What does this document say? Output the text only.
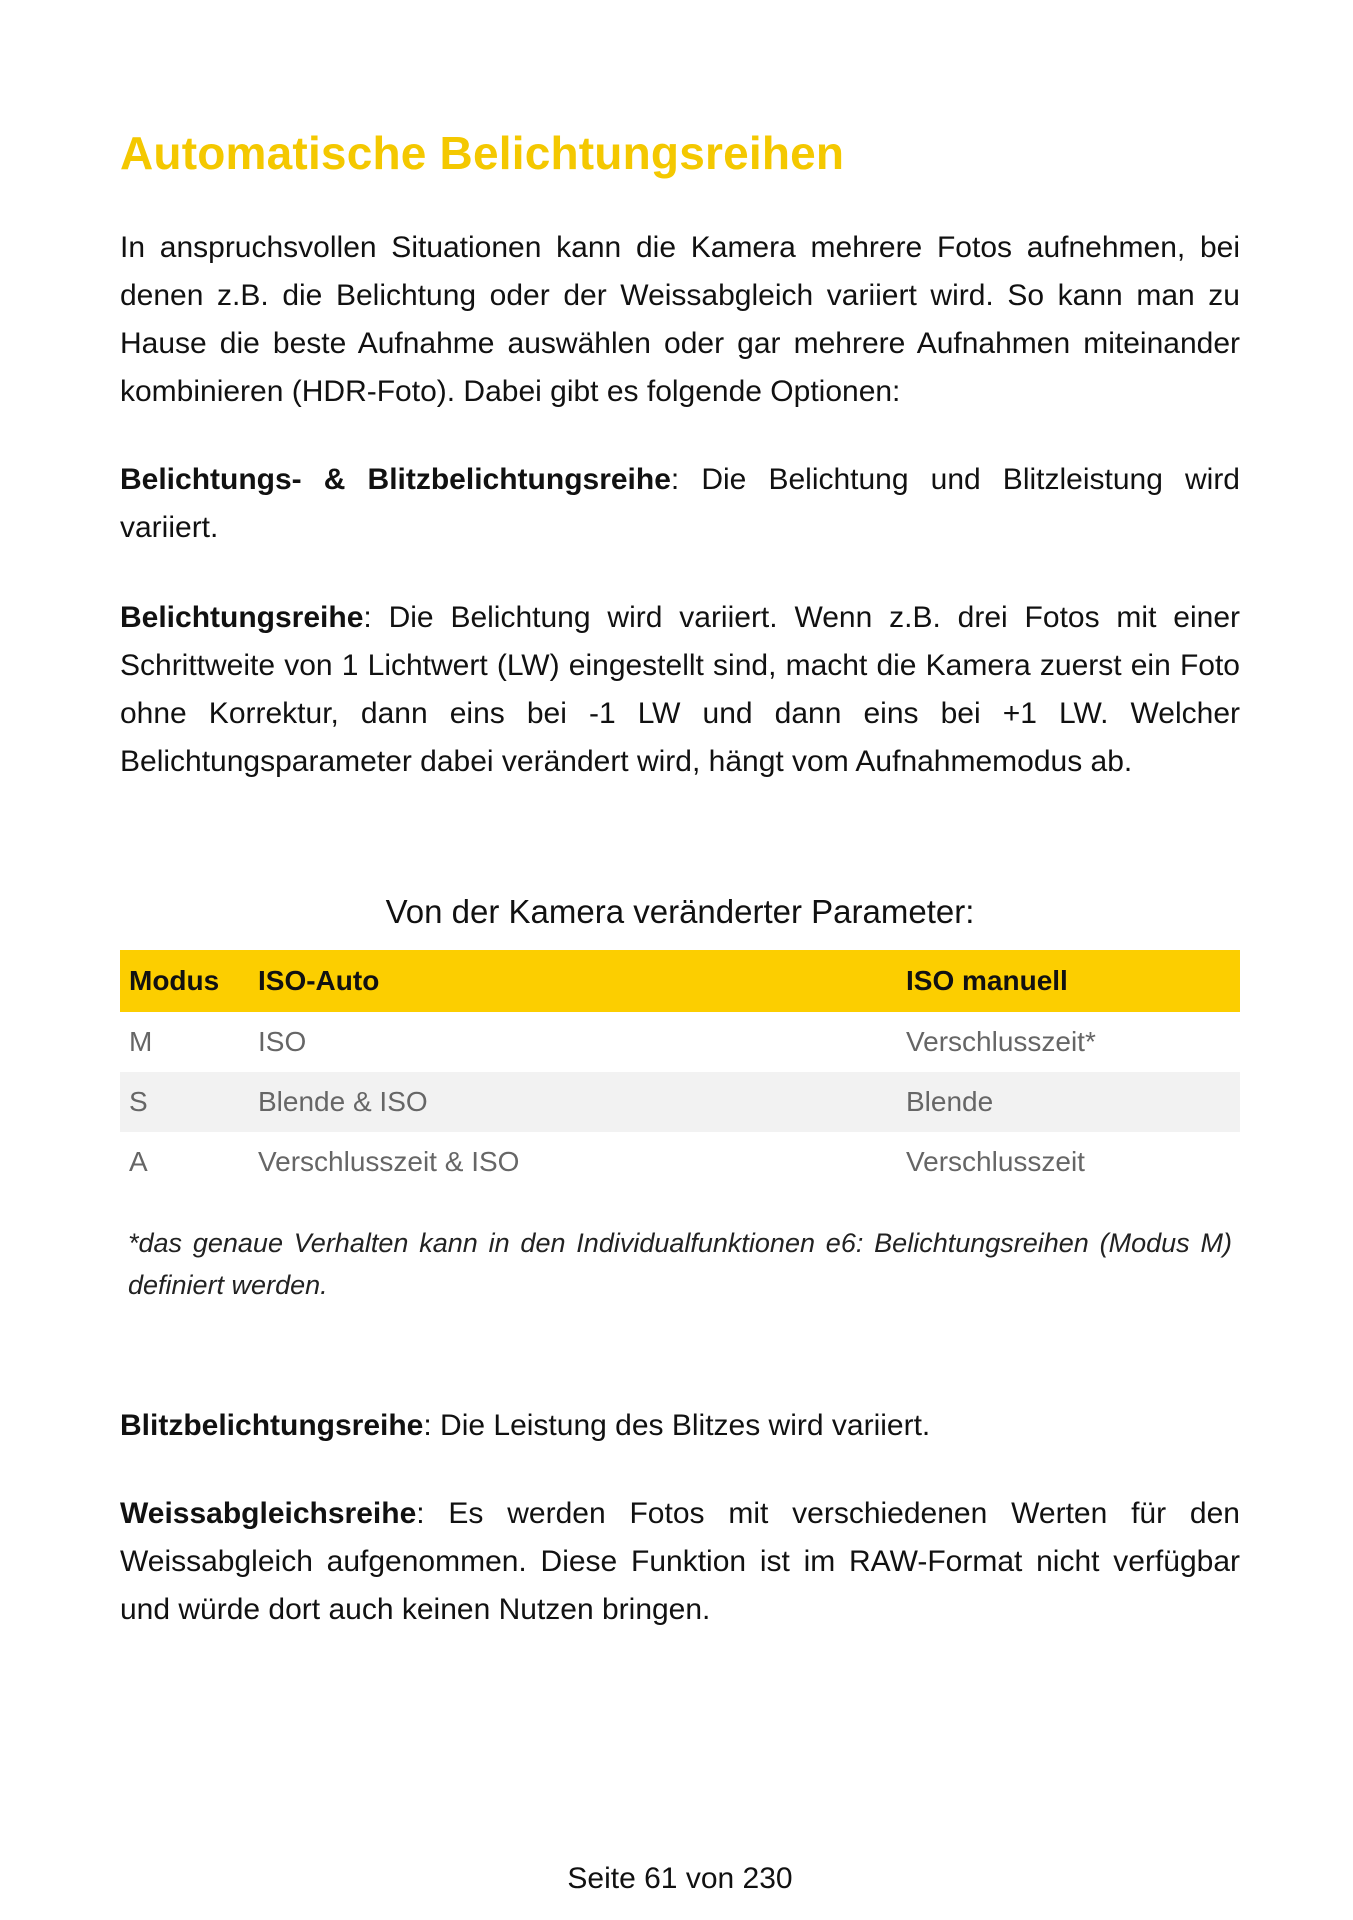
Automatische Belichtungsreihen

In anspruchsvollen Situationen kann die Kamera mehrere Fotos aufnehmen, bei denen z.B. die Belichtung oder der Weissabgleich variiert wird. So kann man zu Hause die beste Aufnahme auswählen oder gar mehrere Aufnahmen miteinander kombinieren (HDR-Foto). Dabei gibt es folgende Optionen:

Belichtungs- & Blitzbelichtungsreihe: Die Belichtung und Blitzleistung wird variiert.

Belichtungsreihe: Die Belichtung wird variiert. Wenn z.B. drei Fotos mit einer Schrittweite von 1 Lichtwert (LW) eingestellt sind, macht die Kamera zuerst ein Foto ohne Korrektur, dann eins bei -1 LW und dann eins bei +1 LW. Welcher Belichtungsparameter dabei verändert wird, hängt vom Aufnahmemodus ab.

Von der Kamera veränderter Parameter:
Modus	ISO-Auto	ISO manuell
M	ISO	Verschlusszeit*
S	Blende & ISO	Blende
A	Verschlusszeit & ISO	Verschlusszeit

*das genaue Verhalten kann in den Individualfunktionen e6: Belichtungsreihen (Modus M) definiert werden.

Blitzbelichtungsreihe: Die Leistung des Blitzes wird variiert.

Weissabgleichsreihe: Es werden Fotos mit verschiedenen Werten für den Weissabgleich aufgenommen. Diese Funktion ist im RAW-Format nicht verfügbar und würde dort auch keinen Nutzen bringen.

Seite 61 von 230
